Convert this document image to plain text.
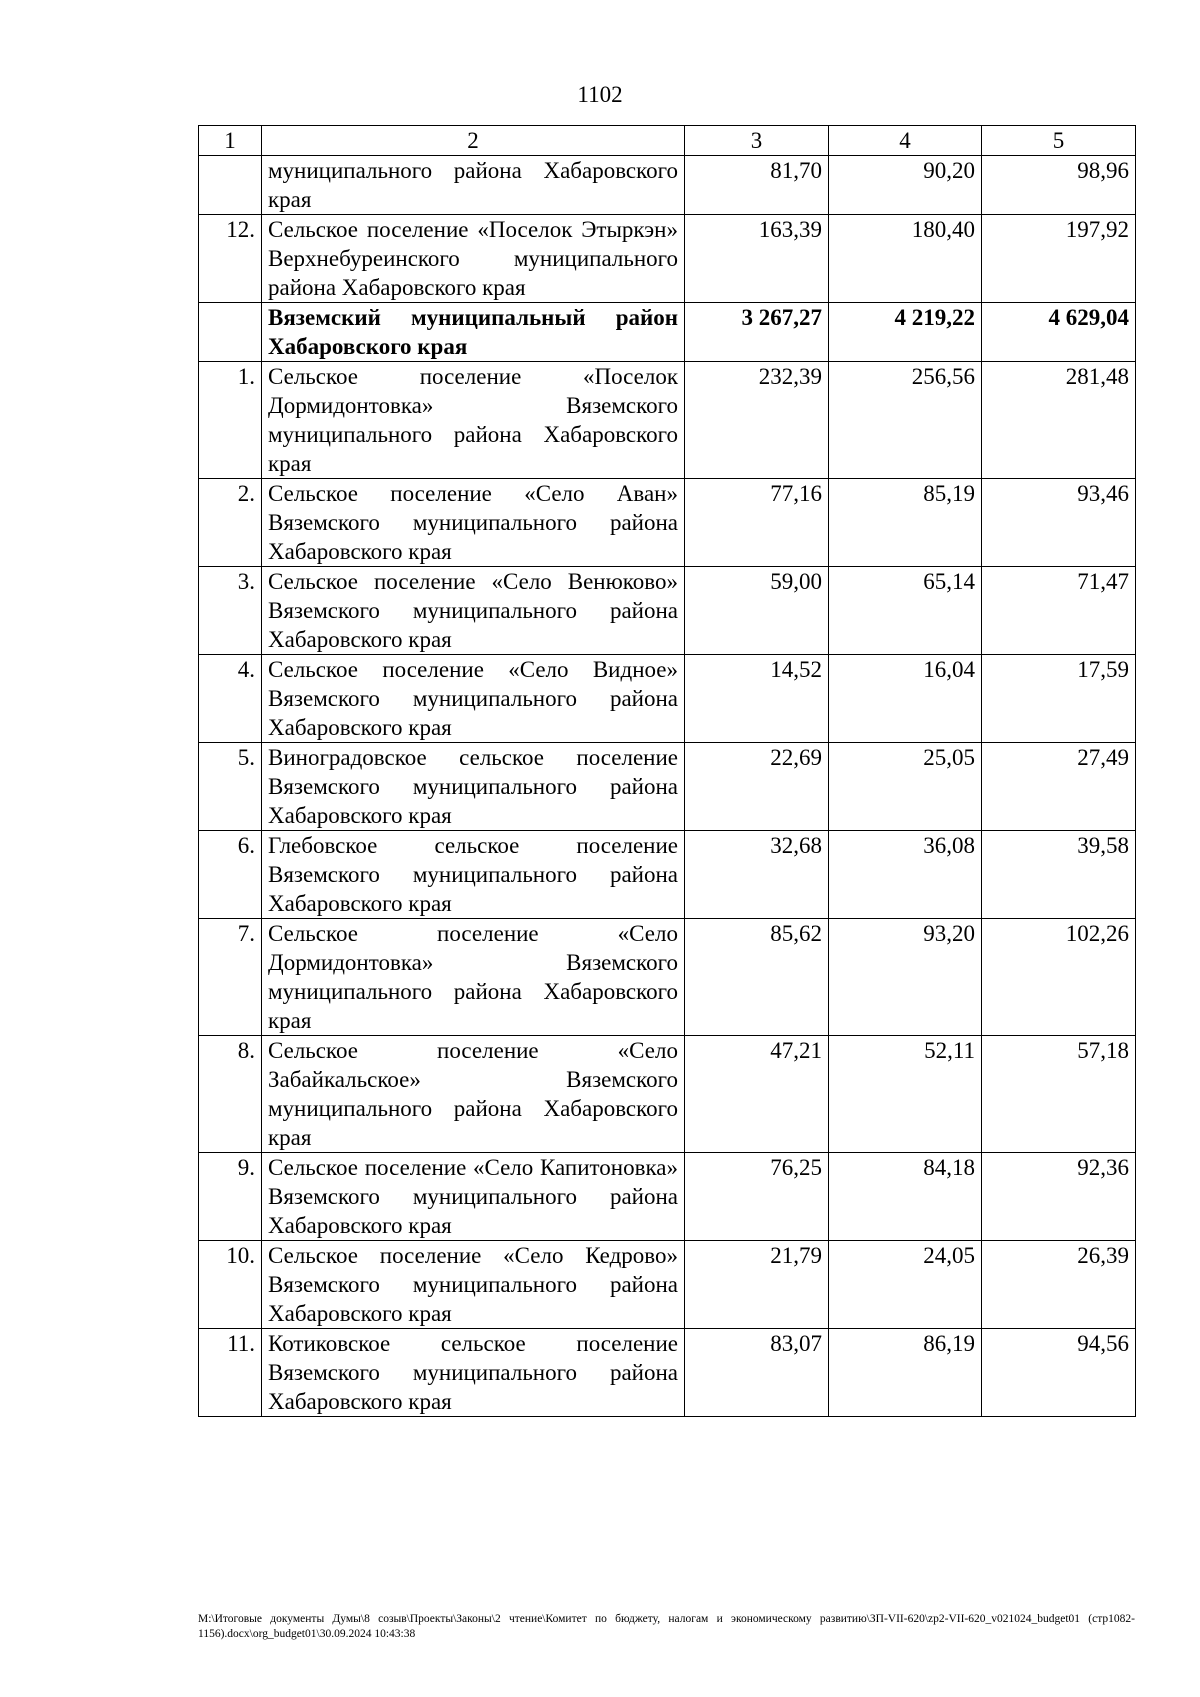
1102
1	2	3	4	5
	муниципального района Хабаровского края	81,70	90,20	98,96
12.	Сельское поселение «Поселок Этыркэн» Верхнебуреинского муниципального района Хабаровского края	163,39	180,40	197,92
	Вяземский муниципальный район Хабаровского края	3 267,27	4 219,22	4 629,04
1.	Сельское поселение «Поселок Дормидонтовка» Вяземского муниципального района Хабаровского края	232,39	256,56	281,48
2.	Сельское поселение «Село Аван» Вяземского муниципального района Хабаровского края	77,16	85,19	93,46
3.	Сельское поселение «Село Венюково» Вяземского муниципального района Хабаровского края	59,00	65,14	71,47
4.	Сельское поселение «Село Видное» Вяземского муниципального района Хабаровского края	14,52	16,04	17,59
5.	Виноградовское сельское поселение Вяземского муниципального района Хабаровского края	22,69	25,05	27,49
6.	Глебовское сельское поселение Вяземского муниципального района Хабаровского края	32,68	36,08	39,58
7.	Сельское поселение «Село Дормидонтовка» Вяземского муниципального района Хабаровского края	85,62	93,20	102,26
8.	Сельское поселение «Село Забайкальское» Вяземского муниципального района Хабаровского края	47,21	52,11	57,18
9.	Сельское поселение «Село Капитоновка» Вяземского муниципального района Хабаровского края	76,25	84,18	92,36
10.	Сельское поселение «Село Кедрово» Вяземского муниципального района Хабаровского края	21,79	24,05	26,39
11.	Котиковское сельское поселение Вяземского муниципального района Хабаровского края	83,07	86,19	94,56
М:\Итоговые документы Думы\8 созыв\Проекты\Законы\2 чтение\Комитет по бюджету, налогам и экономическому развитию\ЗП-VII-620\zp2-VII-620_v021024_budget01 (стр1082-1156).docx\org_budget01\30.09.2024 10:43:38
